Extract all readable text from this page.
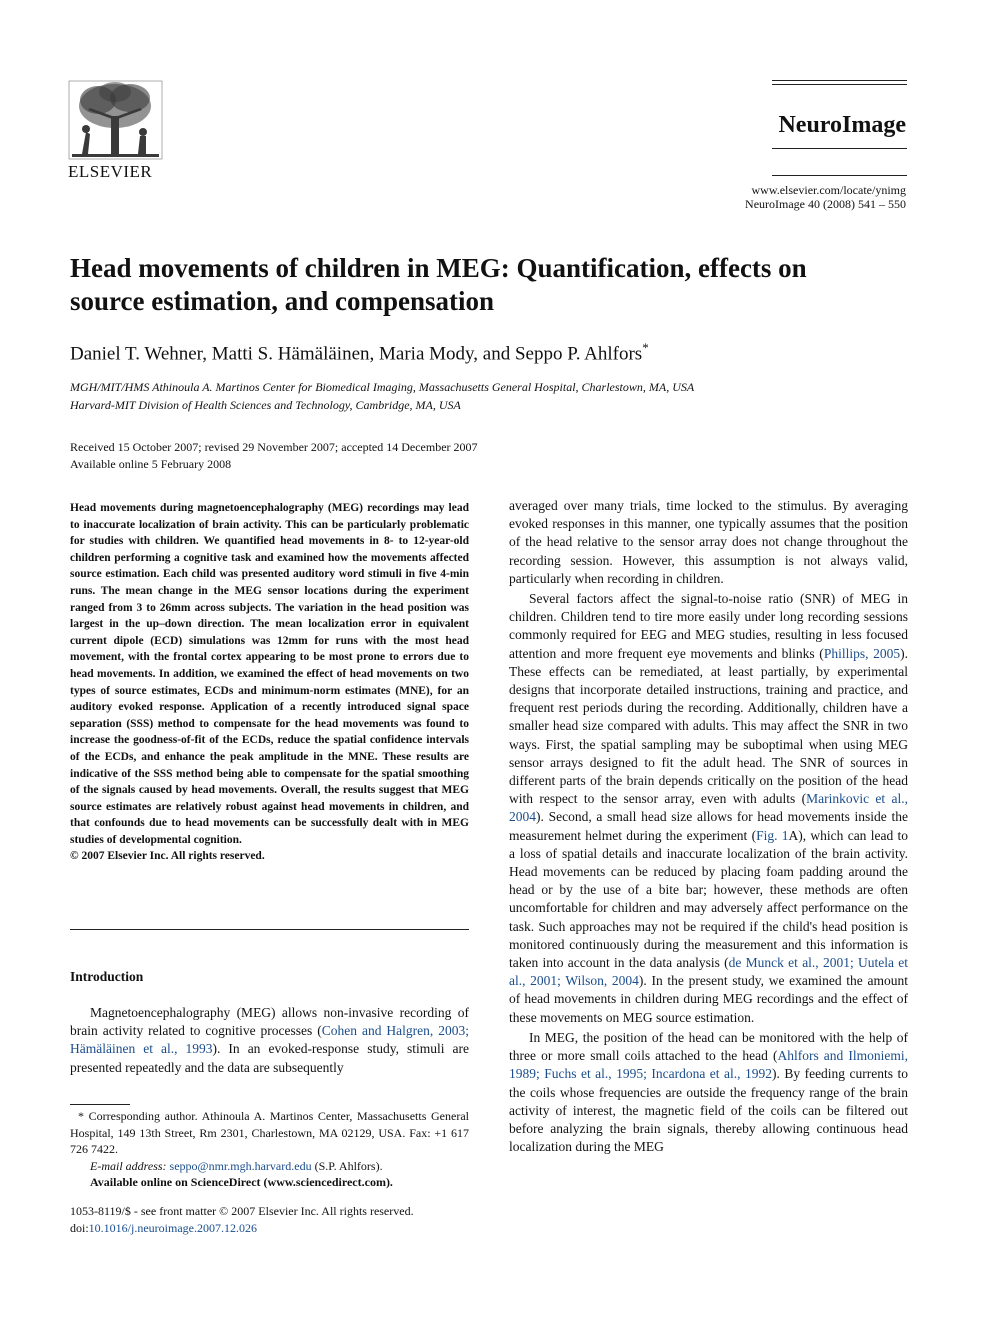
ELSEVIER
NeuroImage
www.elsevier.com/locate/ynimg
NeuroImage 40 (2008) 541 – 550
Head movements of children in MEG: Quantification, effects on
source estimation, and compensation
Daniel T. Wehner, Matti S. Hämäläinen, Maria Mody, and Seppo P. Ahlfors*
MGH/MIT/HMS Athinoula A. Martinos Center for Biomedical Imaging, Massachusetts General Hospital, Charlestown, MA, USA
Harvard-MIT Division of Health Sciences and Technology, Cambridge, MA, USA
Received 15 October 2007; revised 29 November 2007; accepted 14 December 2007
Available online 5 February 2008

Head movements during magnetoencephalography (MEG) recordings may lead to inaccurate localization of brain activity. This can be particularly problematic for studies with children. We quantified head movements in 8- to 12-year-old children performing a cognitive task and examined how the movements affected source estimation. Each child was presented auditory word stimuli in five 4-min runs. The mean change in the MEG sensor locations during the experiment ranged from 3 to 26mm across subjects. The variation in the head position was largest in the up–down direction. The mean localization error in equivalent current dipole (ECD) simulations was 12mm for runs with the most head movement, with the frontal cortex appearing to be most prone to errors due to head movements. In addition, we examined the effect of head movements on two types of source estimates, ECDs and minimum-norm estimates (MNE), for an auditory evoked response. Application of a recently introduced signal space separation (SSS) method to compensate for the head movements was found to increase the goodness-of-fit of the ECDs, reduce the spatial confidence intervals of the ECDs, and enhance the peak amplitude in the MNE. These results are indicative of the SSS method being able to compensate for the spatial smoothing of the signals caused by head movements. Overall, the results suggest that MEG source estimates are relatively robust against head movements in children, and that confounds due to head movements can be successfully dealt with in MEG studies of developmental cognition.

© 2007 Elsevier Inc. All rights reserved.

Introduction

Magnetoencephalography (MEG) allows non-invasive recording of brain activity related to cognitive processes (Cohen and Halgren, 2003; Hämäläinen et al., 1993). In an evoked-response study, stimuli are presented repeatedly and the data are subsequently

averaged over many trials, time locked to the stimulus. By averaging evoked responses in this manner, one typically assumes that the position of the head relative to the sensor array does not change throughout the recording session. However, this assumption is not always valid, particularly when recording in children.

Several factors affect the signal-to-noise ratio (SNR) of MEG in children. Children tend to tire more easily under long recording sessions commonly required for EEG and MEG studies, resulting in less focused attention and more frequent eye movements and blinks (Phillips, 2005). These effects can be remediated, at least partially, by experimental designs that incorporate detailed instructions, training and practice, and frequent rest periods during the recording. Additionally, children have a smaller head size compared with adults. This may affect the SNR in two ways. First, the spatial sampling may be suboptimal when using MEG sensor arrays designed to fit the adult head. The SNR of sources in different parts of the brain depends critically on the position of the head with respect to the sensor array, even with adults (Marinkovic et al., 2004). Second, a small head size allows for head movements inside the measurement helmet during the experiment (Fig. 1A), which can lead to a loss of spatial details and inaccurate localization of the brain activity. Head movements can be reduced by placing foam padding around the head or by the use of a bite bar; however, these methods are often uncomfortable for children and may adversely affect performance on the task. Such approaches may not be required if the child's head position is monitored continuously during the measurement and this information is taken into account in the data analysis (de Munck et al., 2001; Uutela et al., 2001; Wilson, 2004). In the present study, we examined the amount of head movements in children during MEG recordings and the effect of these movements on MEG source estimation.

In MEG, the position of the head can be monitored with the help of three or more small coils attached to the head (Ahlfors and Ilmoniemi, 1989; Fuchs et al., 1995; Incardona et al., 1992). By feeding currents to the coils whose frequencies are outside the frequency range of the brain activity of interest, the magnetic field of the coils can be filtered out before analyzing the brain signals, thereby allowing continuous head localization during the MEG

* Corresponding author. Athinoula A. Martinos Center, Massachusetts General Hospital, 149 13th Street, Rm 2301, Charlestown, MA 02129, USA. Fax: +1 617 726 7422.

E-mail address: seppo@nmr.mgh.harvard.edu (S.P. Ahlfors).

Available online on ScienceDirect (www.sciencedirect.com).

1053-8119/$ - see front matter © 2007 Elsevier Inc. All rights reserved.
doi:10.1016/j.neuroimage.2007.12.026
